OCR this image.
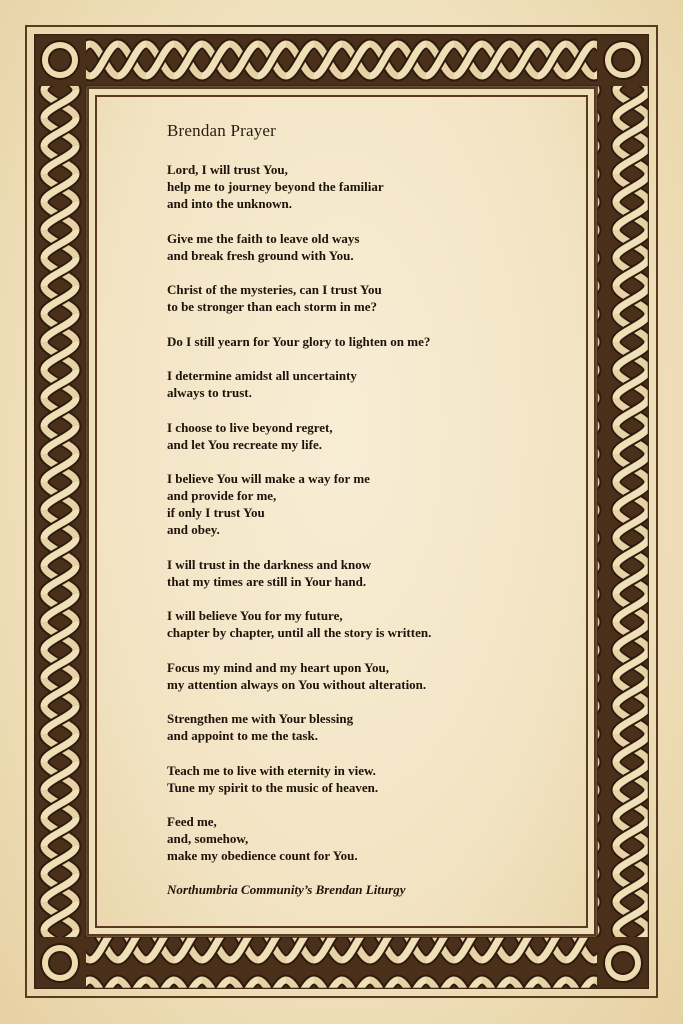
Brendan Prayer
Lord, I will trust You,
help me to journey beyond the familiar
and into the unknown.
Give me the faith to leave old ways
and break fresh ground with You.
Christ of the mysteries, can I trust You
to be stronger than each storm in me?
Do I still yearn for Your glory to lighten on me?
I determine amidst all uncertainty
always to trust.
I choose to live beyond regret,
and let You recreate my life.
I believe You will make a way for me
and provide for me,
if only I trust You
and obey.
I will trust in the darkness and know
that my times are still in Your hand.
I will believe You for my future,
chapter by chapter, until all the story is written.
Focus my mind and my heart upon You,
my attention always on You without alteration.
Strengthen me with Your blessing
and appoint to me the task.
Teach me to live with eternity in view.
Tune my spirit to the music of heaven.
Feed me,
and, somehow,
make my obedience count for You.
Northumbria Community’s Brendan Liturgy
